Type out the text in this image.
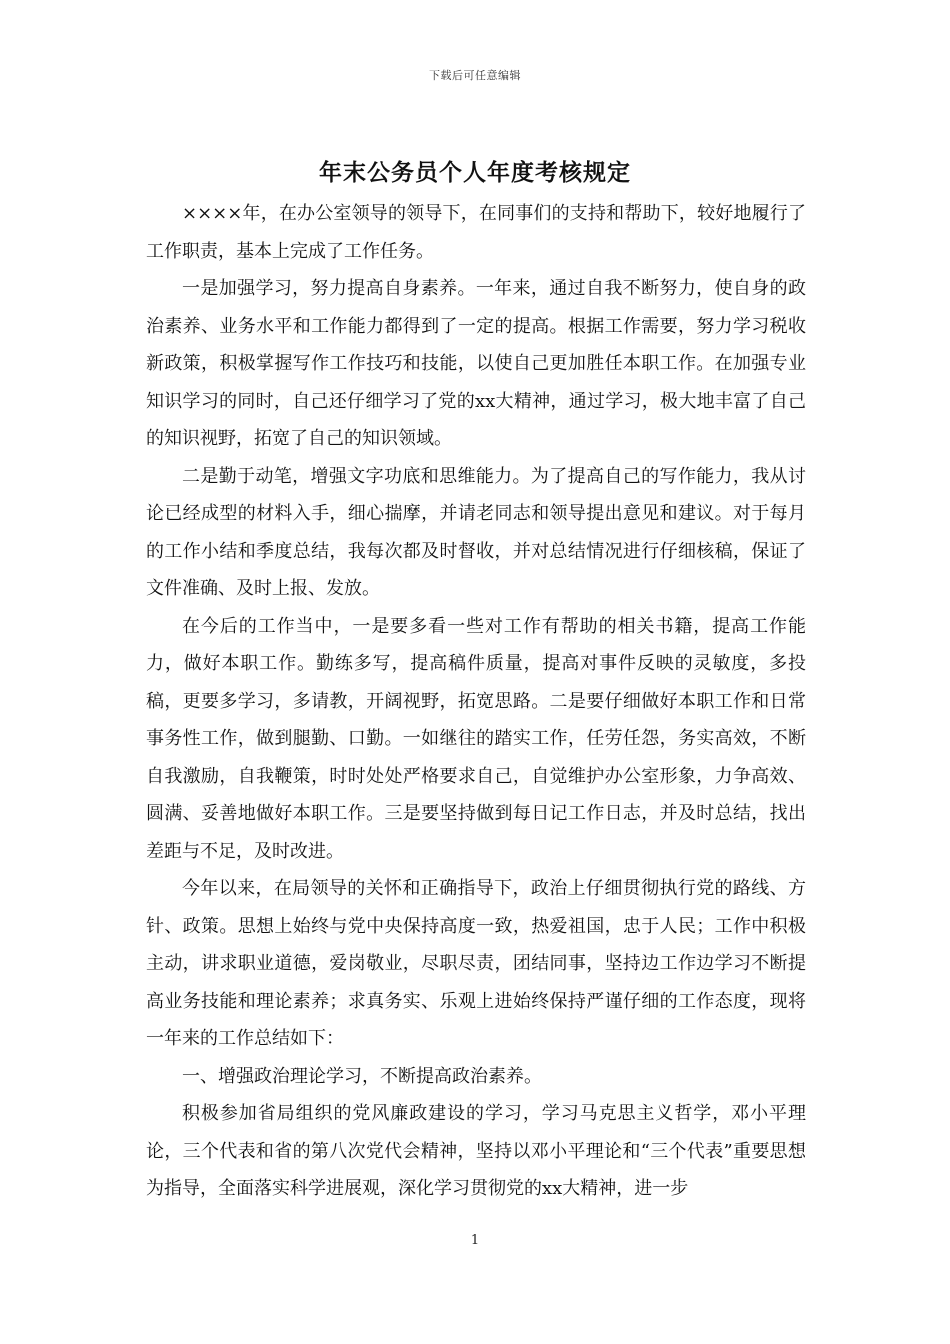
下载后可任意编辑
年末公务员个人年度考核规定

××××年，在办公室领导的领导下，在同事们的支持和帮助下，较好地履行了工作职责，基本上完成了工作任务。

一是加强学习，努力提高自身素养。一年来，通过自我不断努力，使自身的政治素养、业务水平和工作能力都得到了一定的提高。根据工作需要，努力学习税收新政策，积极掌握写作工作技巧和技能，以使自己更加胜任本职工作。在加强专业知识学习的同时，自己还仔细学习了党的xx大精神，通过学习，极大地丰富了自己的知识视野，拓宽了自己的知识领域。

二是勤于动笔，增强文字功底和思维能力。为了提高自己的写作能力，我从讨论已经成型的材料入手，细心揣摩，并请老同志和领导提出意见和建议。对于每月的工作小结和季度总结，我每次都及时督收，并对总结情况进行仔细核稿，保证了文件准确、及时上报、发放。

在今后的工作当中，一是要多看一些对工作有帮助的相关书籍，提高工作能力，做好本职工作。勤练多写，提高稿件质量，提高对事件反映的灵敏度，多投稿，更要多学习，多请教，开阔视野，拓宽思路。二是要仔细做好本职工作和日常事务性工作，做到腿勤、口勤。一如继往的踏实工作，任劳任怨，务实高效，不断自我激励，自我鞭策，时时处处严格要求自己，自觉维护办公室形象，力争高效、圆满、妥善地做好本职工作。三是要坚持做到每日记工作日志，并及时总结，找出差距与不足，及时改进。

今年以来，在局领导的关怀和正确指导下，政治上仔细贯彻执行党的路线、方针、政策。思想上始终与党中央保持高度一致，热爱祖国，忠于人民；工作中积极主动，讲求职业道德，爱岗敬业，尽职尽责，团结同事，坚持边工作边学习不断提高业务技能和理论素养；求真务实、乐观上进始终保持严谨仔细的工作态度，现将一年来的工作总结如下：

一、增强政治理论学习，不断提高政治素养。

积极参加省局组织的党风廉政建设的学习，学习马克思主义哲学，邓小平理论，三个代表和省的第八次党代会精神，坚持以邓小平理论和“三个代表”重要思想为指导，全面落实科学进展观，深化学习贯彻党的xx大精神，进一步

1
